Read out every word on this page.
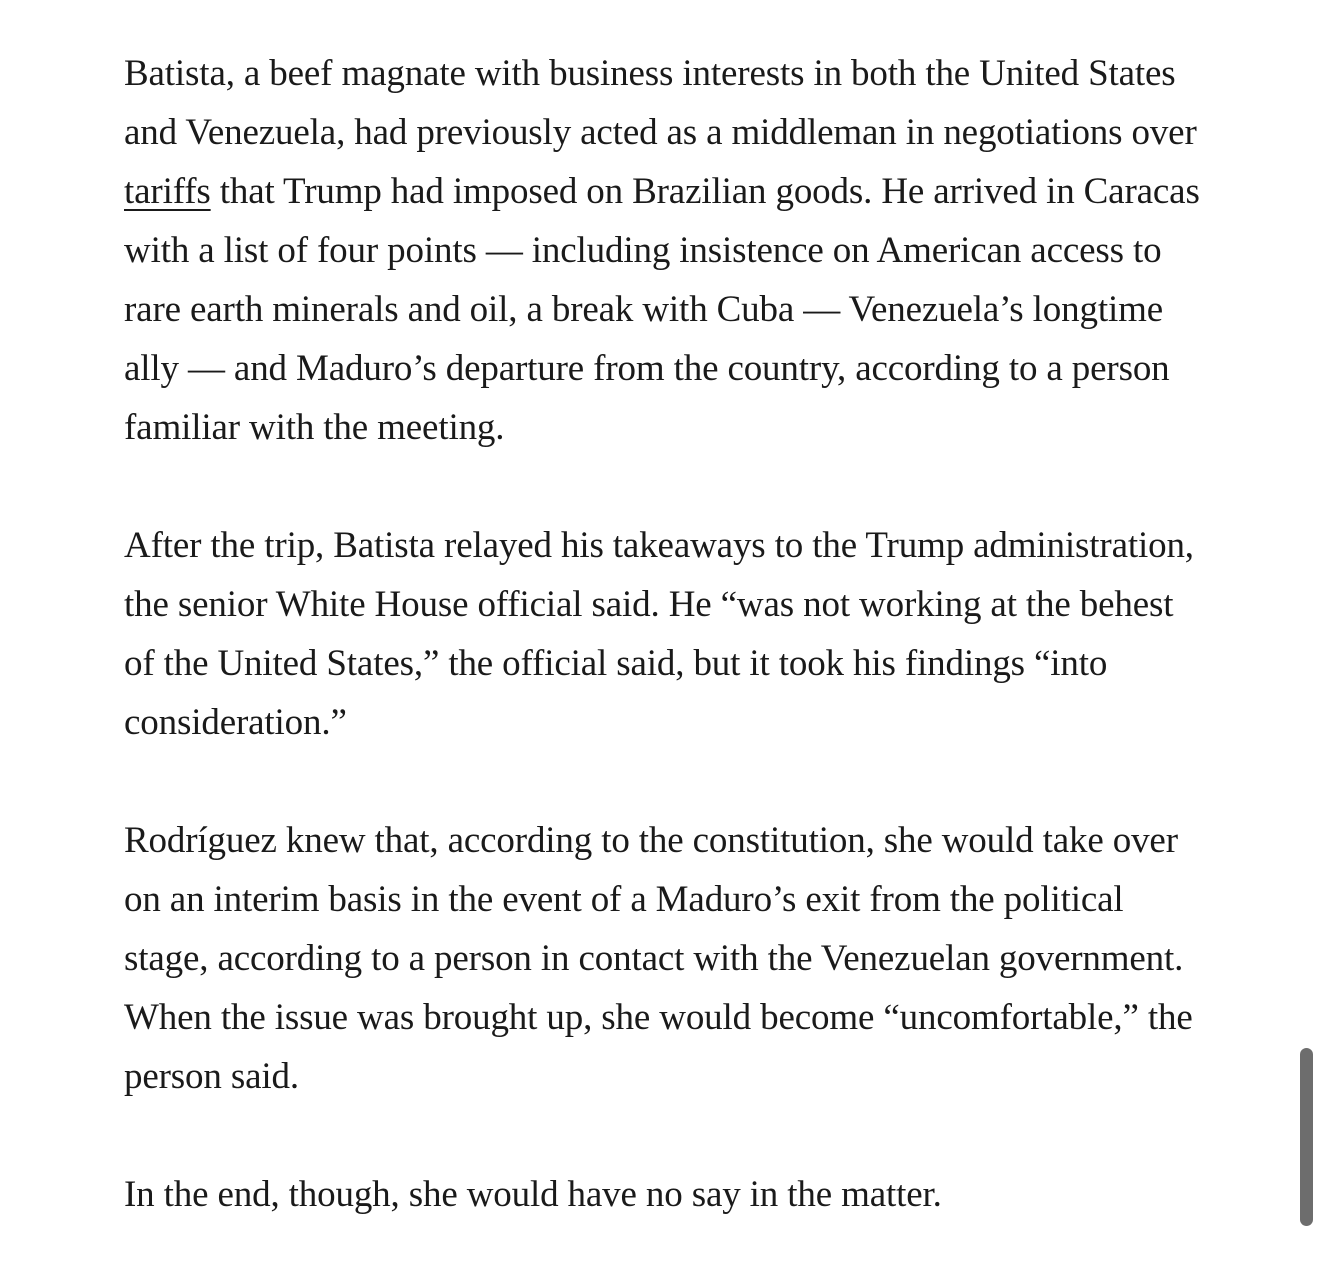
Batista, a beef magnate with business interests in both the United States and Venezuela, had previously acted as a middleman in negotiations over tariffs that Trump had imposed on Brazilian goods. He arrived in Caracas with a list of four points — including insistence on American access to rare earth minerals and oil, a break with Cuba — Venezuela’s longtime ally — and Maduro’s departure from the country, according to a person familiar with the meeting.

After the trip, Batista relayed his takeaways to the Trump administration, the senior White House official said. He “was not working at the behest of the United States,” the official said, but it took his findings “into consideration.”

Rodríguez knew that, according to the constitution, she would take over on an interim basis in the event of a Maduro’s exit from the political stage, according to a person in contact with the Venezuelan government. When the issue was brought up, she would become “uncomfortable,” the person said.

In the end, though, she would have no say in the matter.
